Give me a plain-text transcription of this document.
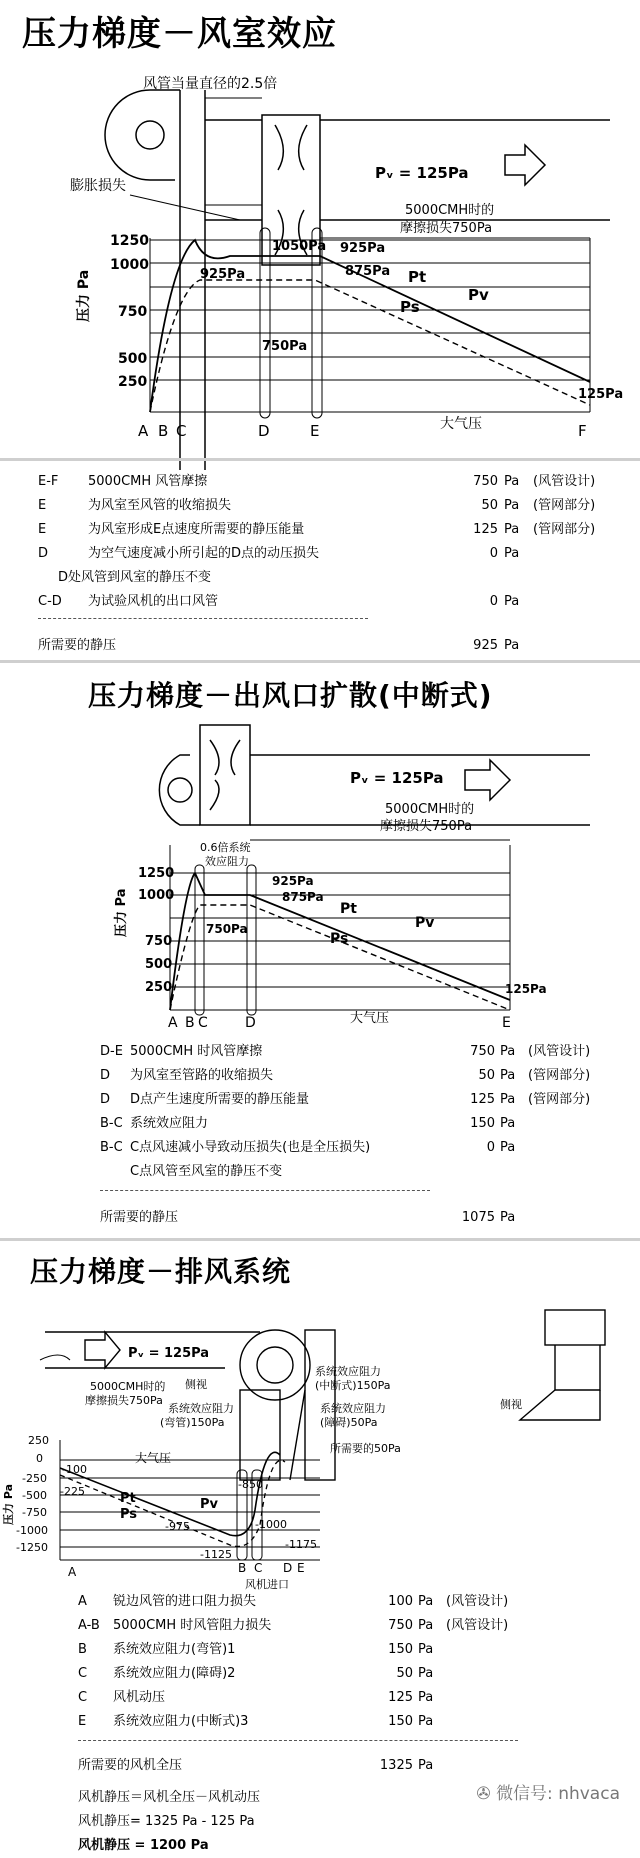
压力梯度－风室效应
风管当量直径的2.5倍
膨胀损失
Pᵥ = 125Pa
5000CMH时的
摩擦损失750Pa
1250
1000
750
500
250
压力 Pa
A B C	D	E	F
大气压
1050Pa
925Pa
925Pa
875Pa
750Pa
Pt
Ps
Pv
125Pa
E-F 5000CMH 风管摩擦	750 Pa (风管设计)
E	为风室至风管的收缩损失	50 Pa (管网部分)
E	为风室形成E点速度所需要的静压能量	125 Pa (管网部分)
D	为空气速度减小所引起的D点的动压损失	0 Pa
D处风管到风室的静压不变
C-D 为试验风机的出口风管	0 Pa
所需要的静压	925 Pa
压力梯度－出风口扩散(中断式)
Pᵥ = 125Pa
5000CMH时的
摩擦损失750Pa
0.6倍系统
效应阻力
1250
1000
750
500
250
压力 Pa
A B C	D	E
大气压
925Pa
875Pa
750Pa
Pt
Ps
Pv
125Pa
D-E 5000CMH 时风管摩擦	750 Pa (风管设计)
D 为风室至管路的收缩损失	50 Pa (管网部分)
D D点产生速度所需要的静压能量	125 Pa (管网部分)
B-C 系统效应阻力	150 Pa
B-C C点风速减小导致动压损失(也是全压损失)	0 Pa
C点风管至风室的静压不变
所需要的静压	1075 Pa
压力梯度－排风系统
Pᵥ = 125Pa
5000CMH时的
摩擦损失750Pa
侧视
侧视
系统效应阻力
(弯管)150Pa
系统效应阻力
(中断式)150Pa
系统效应阻力
(障碍)50Pa
所需要的50Pa
250
0
-250
-500
-750
-1000
-1250
压力 Pa
大气压
-100
-225
-850
-975	-1000
-1125
-1175
Pt
Ps
Pv
A	B C D E
风机进口
A 锐边风管的进口阻力损失	100 Pa (风管设计)
A-B 5000CMH 时风管阻力损失	750 Pa (风管设计)
B 系统效应阻力(弯管)1	150 Pa
C 系统效应阻力(障碍)2	50 Pa
C 风机动压	125 Pa
E 系统效应阻力(中断式)3	150 Pa
所需要的风机全压	1325 Pa
风机静压＝风机全压－风机动压
风机静压= 1325 Pa - 125 Pa
风机静压 = 1200 Pa
✇ 微信号: nhvaca
